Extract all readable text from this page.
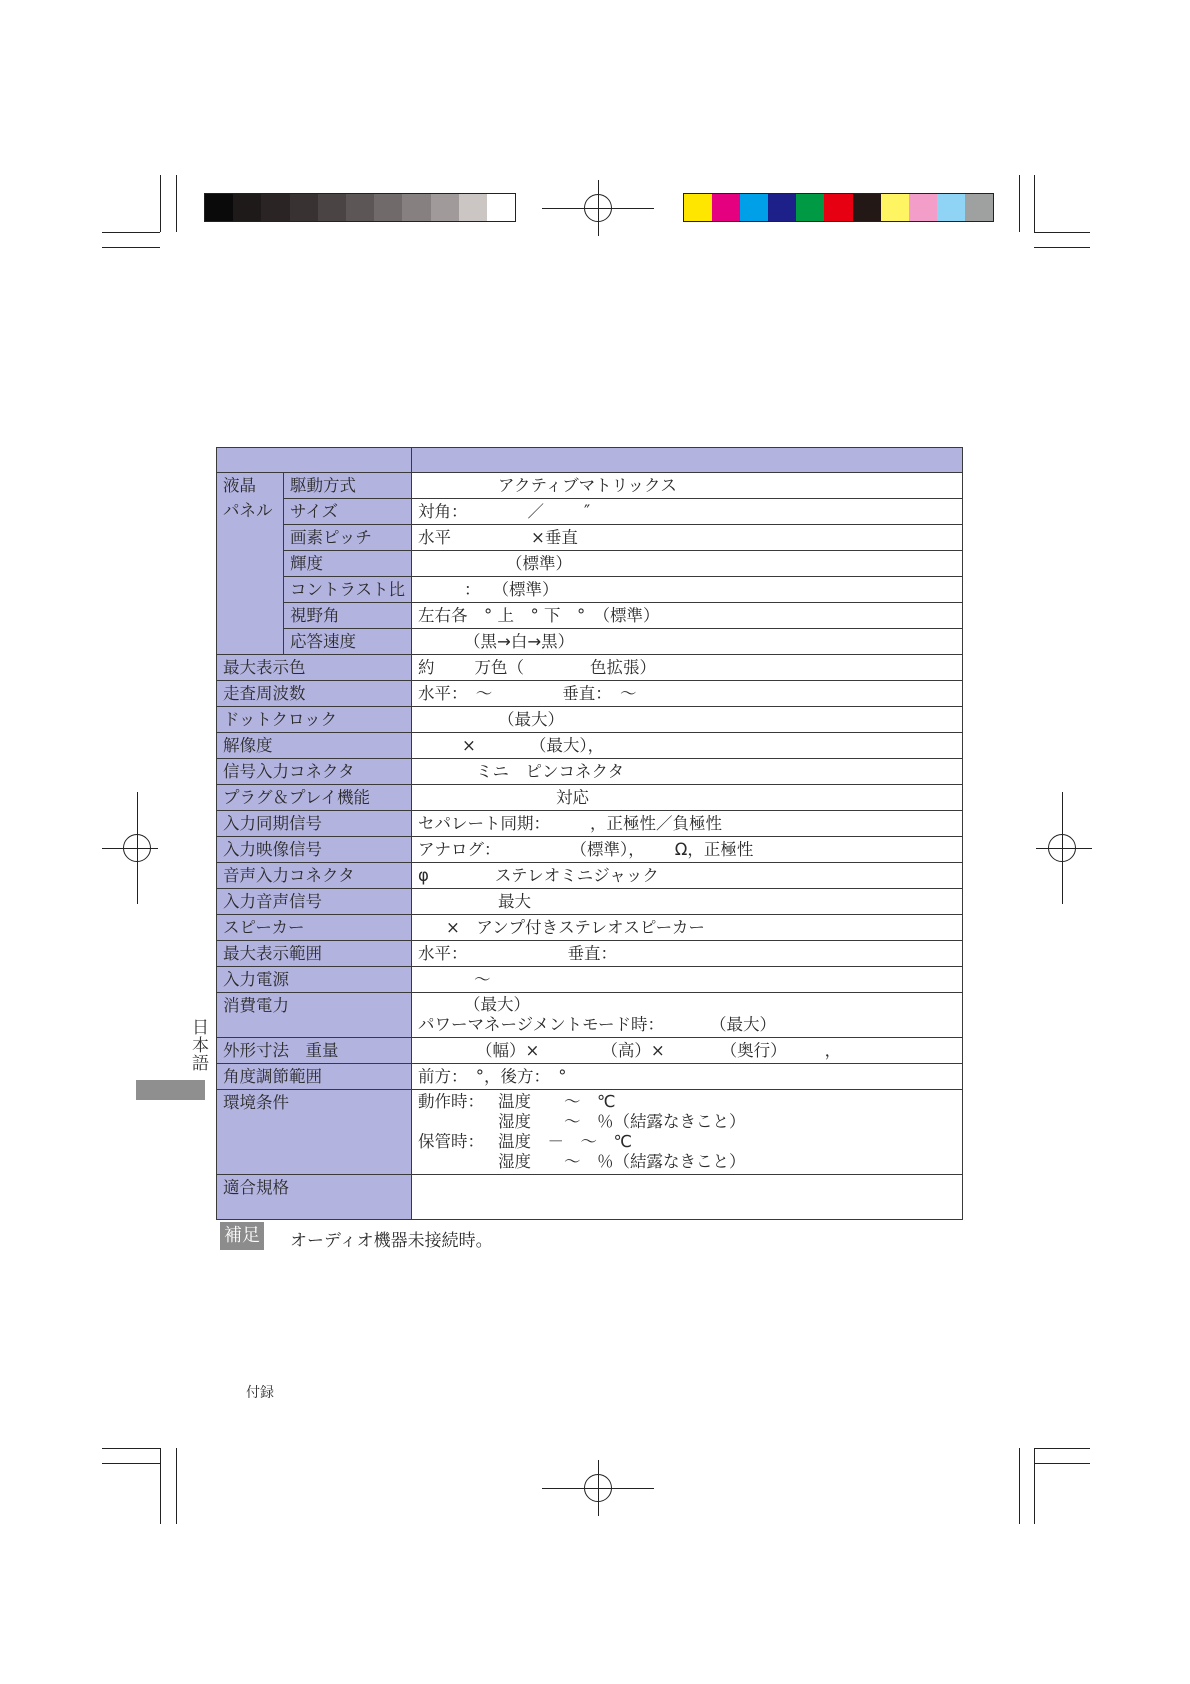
日本語

液晶
パネル	駆動方式	アクティブマトリックス
	サイズ	対角： ／ ″
	画素ピッチ	水平 ×垂直
	輝度	（標準）
	コントラスト比	： （標準）
	視野角	左右各　° 上　° 下　°　（標準）
	応答速度	（黒→白→黒）
最大表示色		約 万色（ 色拡張）
走査周波数		水平：　～ 垂直：　～
ドットクロック		（最大）
解像度		× （最大），
信号入力コネクタ		ミニ　ピンコネクタ
プラグ＆プレイ機能		対応
入力同期信号		セパレート同期： ，正極性／負極性
入力映像信号		アナログ： （標準）， Ω，正極性
音声入力コネクタ		φ ステレオミニジャック
入力音声信号		最大
スピーカー		×　アンプ付きステレオスピーカー
最大表示範囲		水平： 垂直：
入力電源		～
消費電力		（最大）
パワーマネージメントモード時： （最大）
外形寸法　重量		（幅）× （高）× （奥行） ，
角度調節範囲		前方：　°，後方：　°
環境条件		動作時： 温度　　～　℃
湿度　　～　％（結露なきこと）
保管時： 温度　－　～　℃
湿度　　～　％（結露なきこと）
適合規格		
補足 オーディオ機器未接続時。
付録
